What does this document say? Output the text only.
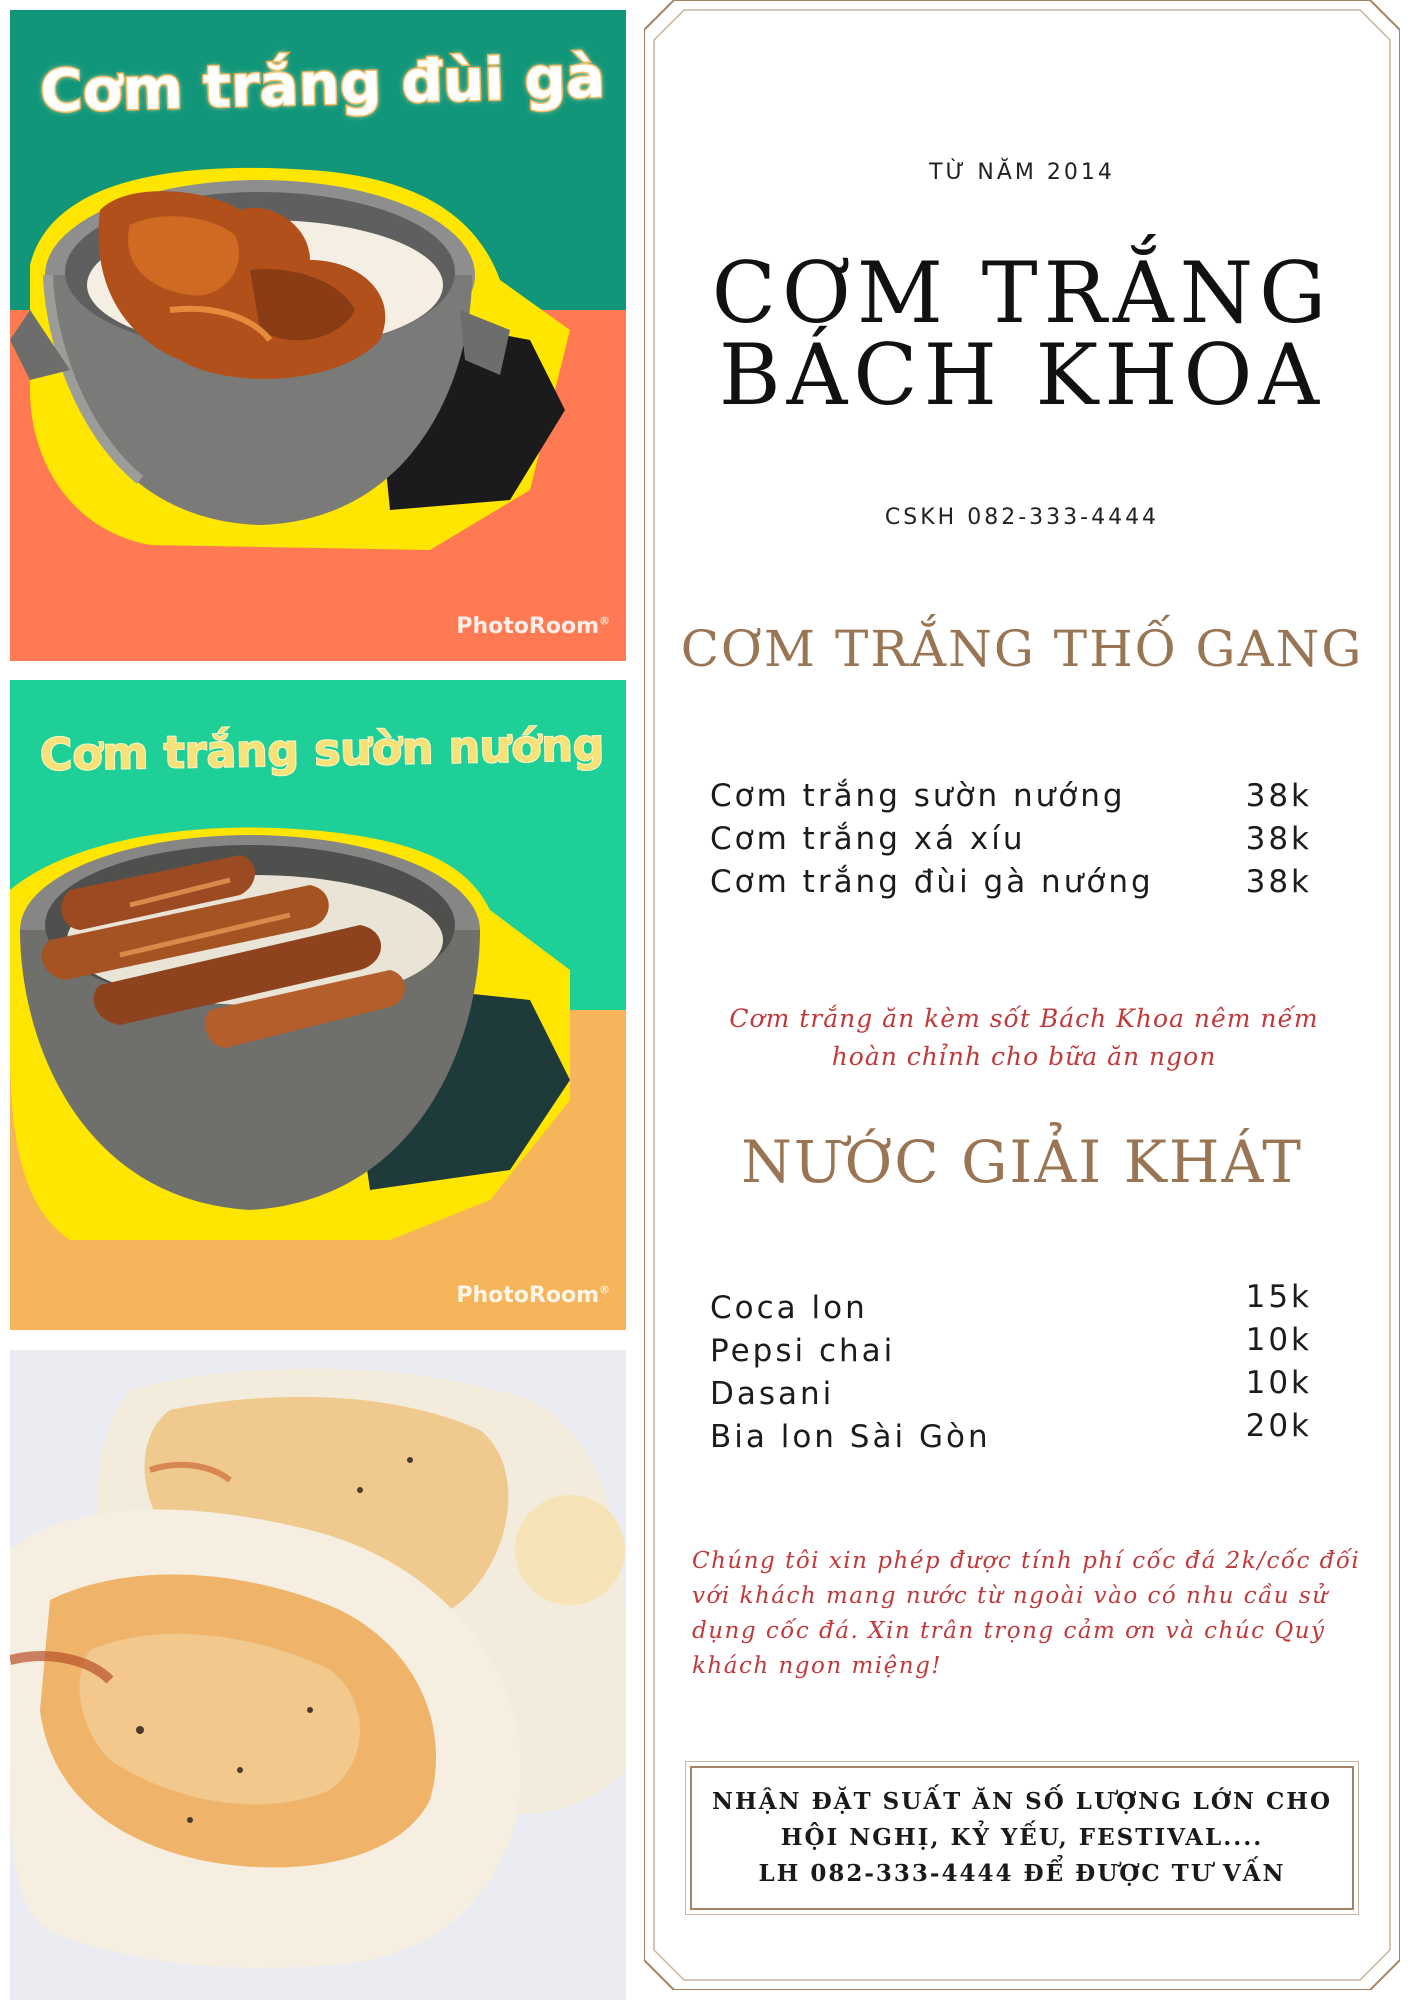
Cơm trắng đùi gà
PhotoRoom®
Cơm trắng sườn nướng
PhotoRoom®
TỪ NĂM 2014
CƠM TRẮNG
BÁCH KHOA
CSKH 082-333-4444
CƠM TRẮNG THỐ GANG
Cơm trắng sườn nướng	38k
Cơm trắng xá xíu	38k
Cơm trắng đùi gà nướng	38k
Cơm trắng ăn kèm sốt Bách Khoa nêm nếm
hoàn chỉnh cho bữa ăn ngon
NƯỚC GIẢI KHÁT
Coca lon	15k
Pepsi chai	10k
Dasani	10k
Bia lon Sài Gòn	20k
Chúng tôi xin phép được tính phí cốc đá 2k/cốc đối
với khách mang nước từ ngoài vào có nhu cầu sử
dụng cốc đá. Xin trân trọng cảm ơn và chúc Quý
khách ngon miệng!
NHẬN ĐẶT SUẤT ĂN SỐ LƯỢNG LỚN CHO
HỘI NGHỊ, KỶ YẾU, FESTIVAL....
LH 082-333-4444 ĐỂ ĐƯỢC TƯ VẤN
